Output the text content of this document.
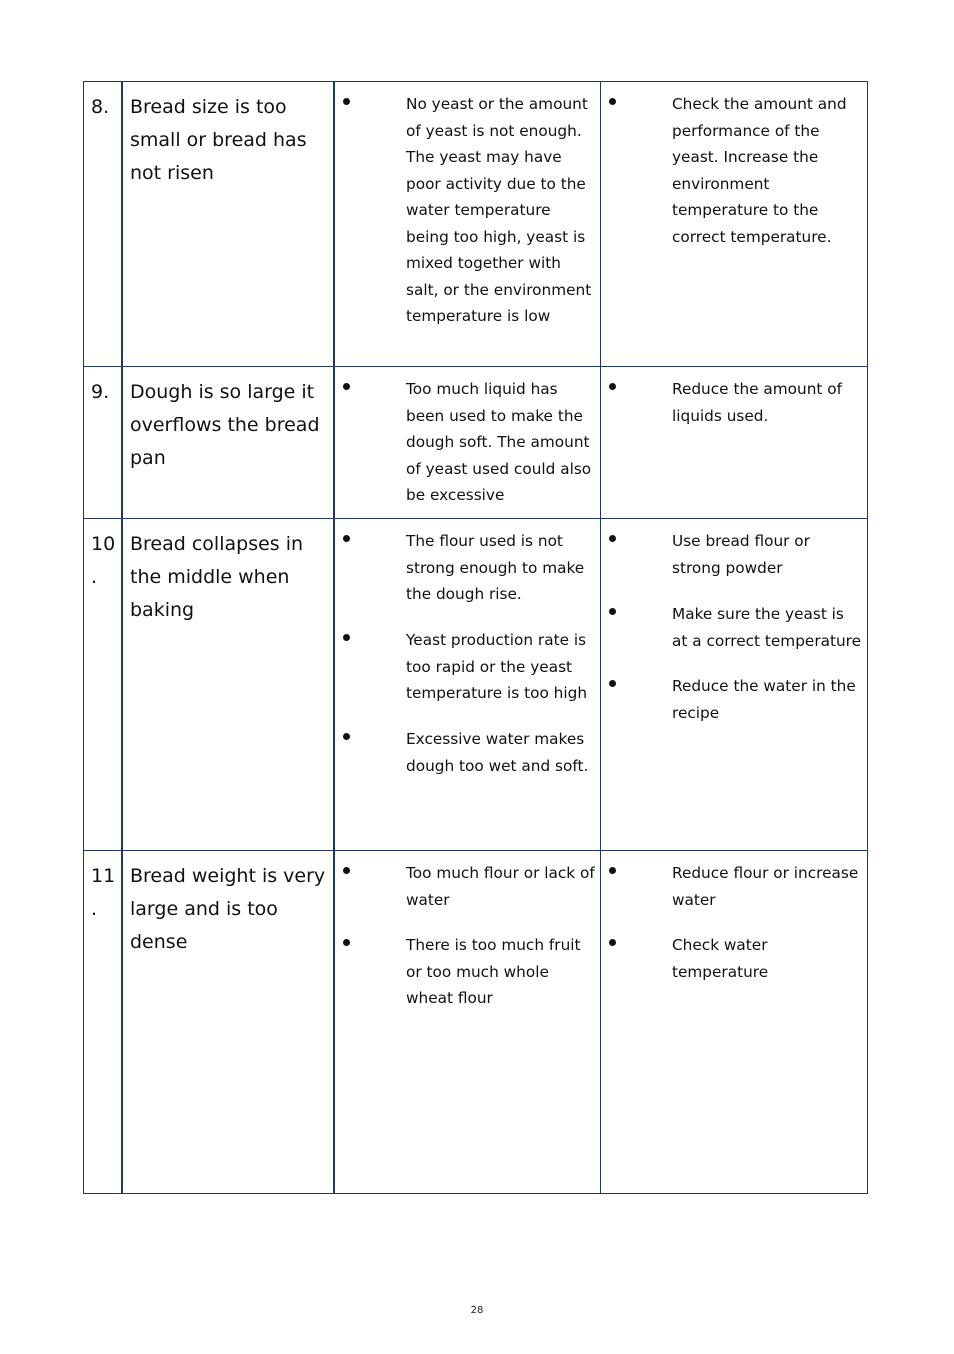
8.	Bread size is too small or bread has not risen
No yeast or the amount of yeast is not enough. The yeast may have poor activity due to the water temperature being too high, yeast is mixed together with salt, or the environment temperature is low
Check the amount and performance of the yeast. Increase the environment temperature to the correct temperature.
9.	Dough is so large it overflows the bread pan
Too much liquid has been used to make the dough soft. The amount of yeast used could also be excessive
Reduce the amount of liquids used.
10
.
Bread collapses in the middle when baking
The flour used is not strong enough to make the dough rise.
Yeast production rate is too rapid or the yeast temperature is too high
Excessive water makes dough too wet and soft.
Use bread flour or strong powder
Make sure the yeast is at a correct temperature
Reduce the water in the recipe
11
.
Bread weight is very large and is too dense
Too much flour or lack of water
There is too much fruit or too much whole wheat flour
Reduce flour or increase water
Check water temperature
28
